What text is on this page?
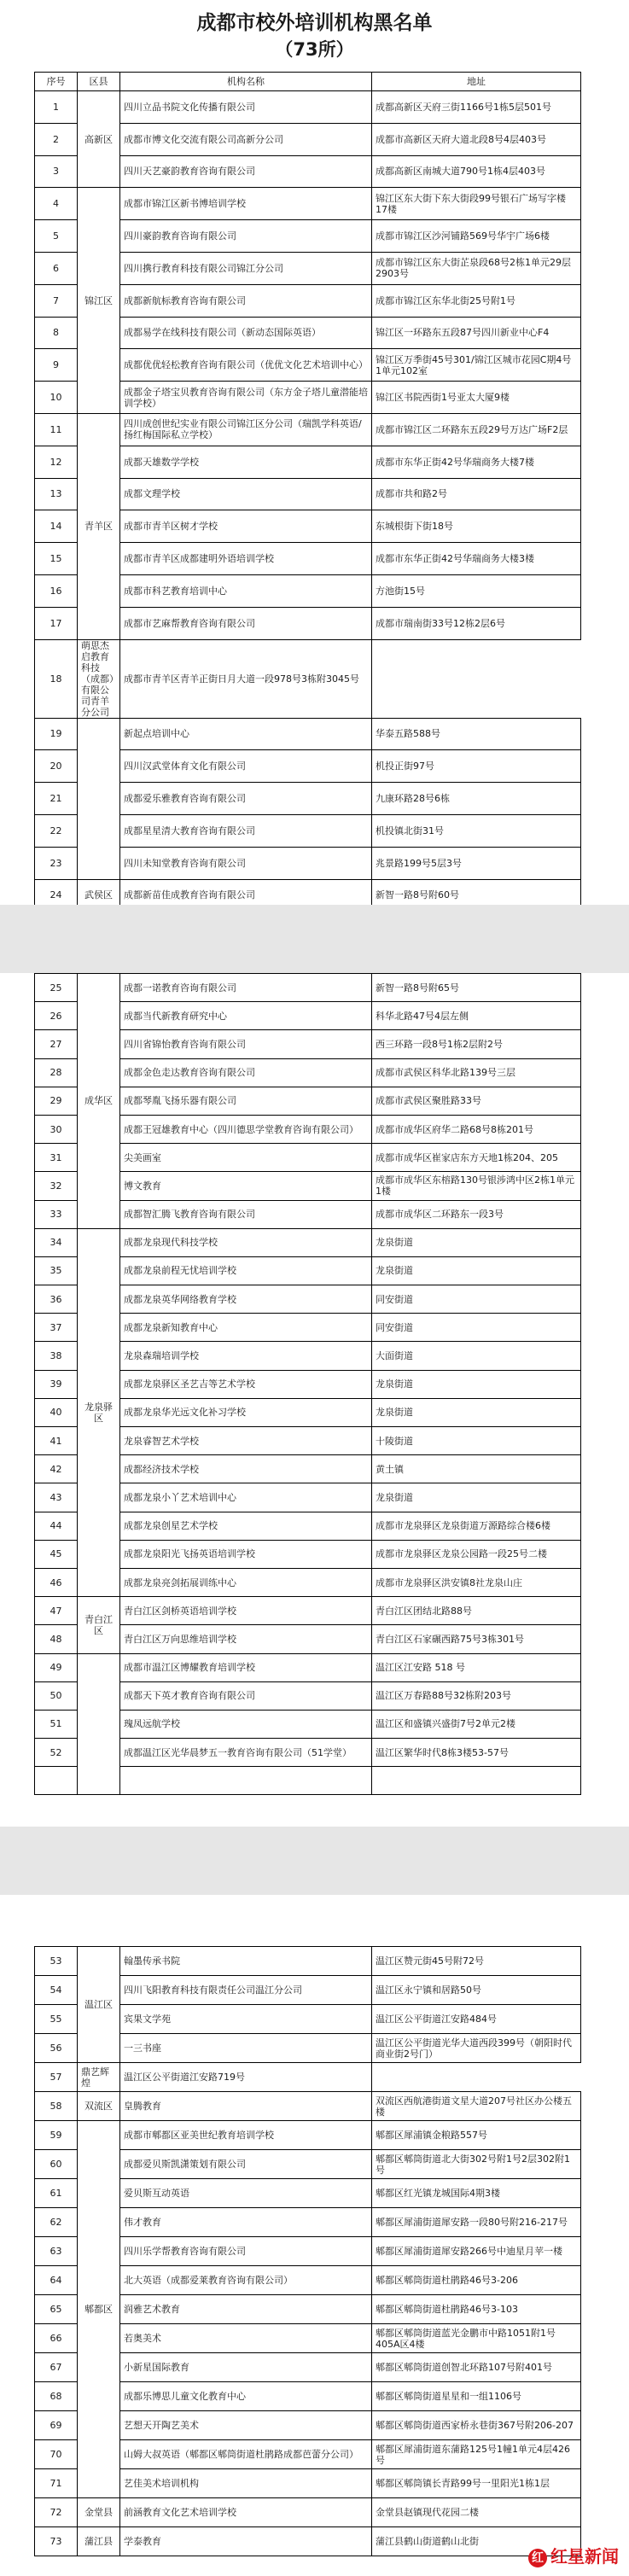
成都市校外培训机构黑名单
（73所）
序号	区县	机构名称	地址
1	高新区	四川立品书院文化传播有限公司	成都高新区天府三街1166号1栋5层501号
2		成都市博文化交流有限公司高新分公司	成都市高新区天府大道北段8号4层403号
3		四川天艺豪韵教育咨询有限公司	成都高新区南城大道790号1栋4层403号
4	锦江区	成都市锦江区新书博培训学校	锦江区东大街下东大街段99号银石广场写字楼17楼
5		四川豪韵教育咨询有限公司	成都市锦江区沙河铺路569号华宇广场6楼
6		四川携行教育科技有限公司锦江分公司	成都市锦江区东大街芷泉段68号2栋1单元29层2903号
7		成都新航标教育咨询有限公司	成都市锦江区东华北街25号附1号
8		成都易学在线科技有限公司（新动态国际英语）	锦江区一环路东五段87号四川新业中心F4
9		成都优优轻松教育咨询有限公司（优优文化艺术培训中心）	锦江区万季街45号301/锦江区城市花园C期4号1单元102室
10		成都金子塔宝贝教育咨询有限公司（东方金子塔儿童潜能培训学校）	锦江区书院西街1号亚太大厦9楼
11	青羊区	四川成创世纪实业有限公司锦江区分公司（瑞凯学科英语/扬红梅国际私立学校）	成都市锦江区二环路东五段29号万达广场F2层
12		成都天雄数学学校	成都市东华正街42号华瑞商务大楼7楼
13		成都文理学校	成都市共和路2号
14		成都市青羊区树才学校	东城根街下街18号
15		成都市青羊区成都建明外语培训学校	成都市东华正街42号华瑞商务大楼3楼
16		成都市科艺教育培训中心	方池街15号
17		成都市艺麻帮教育咨询有限公司	成都市瑞南街33号12栋2层6号
18	萌思杰启教育科技（成都）有限公司青羊分公司	成都市青羊区青羊正街日月大道一段978号3栋附3045号	
19		新起点培训中心	华泰五路588号
20		四川汉武堂体育文化有限公司	机投正街97号
21		成都爱乐雅教育咨询有限公司	九康环路28号6栋
22		成都星星清大教育咨询有限公司	机投镇北街31号
23		四川未知堂教育咨询有限公司	兆景路199号5层3号
24	武侯区	成都新苗佳成教育咨询有限公司	新智一路8号附60号
25	成华区	成都一诺教育咨询有限公司	新智一路8号附65号
26		成都当代新教育研究中心	科华北路47号4层左侧
27		四川省锦怡教育咨询有限公司	西三环路一段8号1栋2层附2号
28		成都金色走达教育咨询有限公司	成都市武侯区科华北路139号三层
29		成都琴胤飞扬乐器有限公司	成都市武侯区聚胜路33号
30		成都王冠雄教育中心（四川德思学堂教育咨询有限公司）	成都市成华区府华二路68号8栋201号
31		尖美画室	成都市成华区崔家店东方天地1栋204、205
32		博文教育	成都市成华区东榕路130号银涉鸿中区2栋1单元1楼
33		成都智汇腾飞教育咨询有限公司	成都市成华区二环路东一段3号
34	龙泉驿区	成都龙泉现代科技学校	龙泉街道
35		成都龙泉前程无忧培训学校	龙泉街道
36		成都龙泉英华网络教育学校	同安街道
37		成都龙泉新知教育中心	同安街道
38		龙泉森瑞培训学校	大面街道
39		成都龙泉驿区圣艺吉等艺术学校	龙泉街道
40		成都龙泉华光远文化补习学校	龙泉街道
41		龙泉睿智艺术学校	十陵街道
42		成都经济技术学校	黄土镇
43		成都龙泉小丫艺术培训中心	龙泉街道
44		成都龙泉创星艺术学校	成都市龙泉驿区龙泉街道万源路综合楼6楼
45		成都龙泉阳光飞扬英语培训学校	成都市龙泉驿区龙泉公园路一段25号二楼
46		成都龙泉亮剑拓展训练中心	成都市龙泉驿区洪安镇8社龙泉山庄
47	青白江区	青白江区剑桥英语培训学校	青白江区团结北路88号
48		青白江区万向思维培训学校	青白江区石家碾西路75号3栋301号
49		成都市温江区博耀教育培训学校	温江区江安路 518 号
50		成都天下英才教育咨询有限公司	温江区万春路88号32栋附203号
51		瑰凤远航学校	温江区和盛镇兴盛街7号2单元2楼
52		成都温江区光华晨梦五一教育咨询有限公司（51学堂）	温江区繁华时代8栋3楼53-57号

53	温江区	翰墨传承书院	温江区赞元街45号附72号
54		四川飞阳教育科技有限责任公司温江分公司	温江区永宁镇和居路50号
55		宾果文学苑	温江区公平街道江安路484号
56		一三书座	温江区公平街道光华大道西段399号（朝阳时代商业街2号门）
57	鼎艺辉煌	温江区公平街道江安路719号	
58	双流区	皇腾教育	双流区西航港街道文星大道207号社区办公楼五楼
59	郫都区	成都市郫都区亚美世纪教育培训学校	郫都区犀浦镇金粮路557号
60		成都爱贝斯凯潇策划有限公司	郫都区郫筒街道北大街302号附1号2层302附1号
61		爱贝斯互动英语	郫都区红光镇龙城国际4期3楼
62		伟才教育	郫都区犀浦街道犀安路一段80号附216-217号
63		四川乐学帮教育咨询有限公司	郫都区犀浦街道犀安路266号中迪星月苹一楼
64		北大英语（成都爱莱教育咨询有限公司）	郫都区郫筒街道杜鹃路46号3-206
65		润雅艺术教育	郫都区郫筒街道杜鹃路46号3-103
66		若奥美术	郫都区郫筒街道蓝光金鹏市中路1051附1号405A区4楼
67		小新星国际教育	郫都区郫筒街道创智北环路107号附401号
68		成都乐博思儿童文化教育中心	郫都区郫筒街道星星和一组1106号
69		艺想天开陶艺美术	郫都区郫筒街道西家桥永巷街367号附206-207
70		山姆大叔英语（郫都区郫筒街道杜鹃路成都芭蕾分公司）	郫都区犀浦街道东蒲路125号1幢1单元4层426号
71		艺佳美术培训机构	郫都区郫筒镇长青路99号一里阳光1栋1层
72	金堂县	前涵教育文化艺术培训学校	金堂县赵镇现代花园二楼
73	蒲江县	学泰教育	蒲江县鹤山街道鹤山北街
红 红星新闻
